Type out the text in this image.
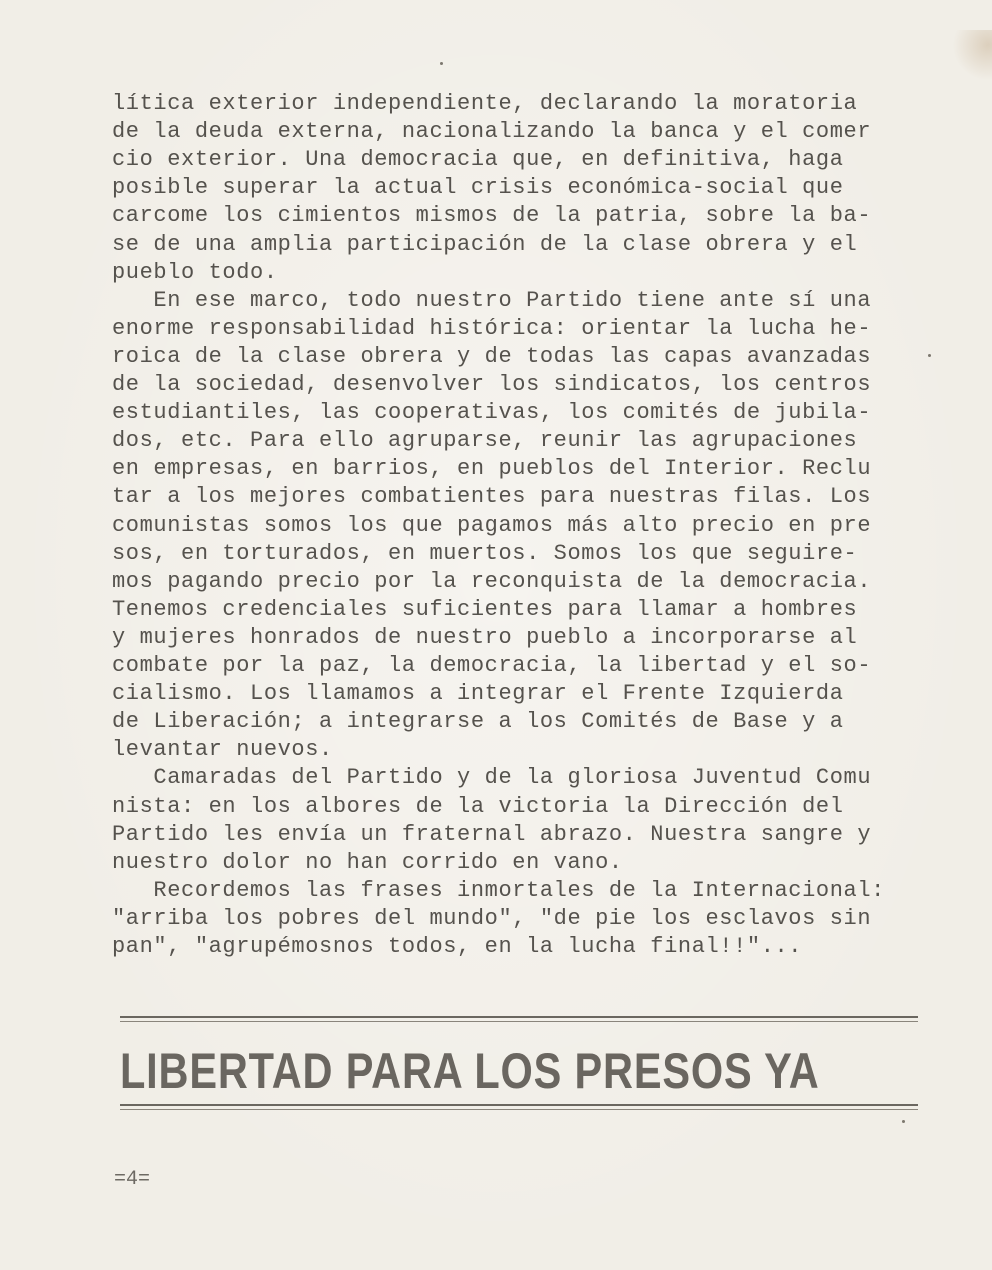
lítica exterior independiente, declarando la moratoria
de la deuda externa, nacionalizando la banca y el comer
cio exterior. Una democracia que, en definitiva, haga
posible superar la actual crisis económica-social que
carcome los cimientos mismos de la patria, sobre la ba-
se de una amplia participación de la clase obrera y el
pueblo todo.
En ese marco, todo nuestro Partido tiene ante sí una
enorme responsabilidad histórica: orientar la lucha he-
roica de la clase obrera y de todas las capas avanzadas
de la sociedad, desenvolver los sindicatos, los centros
estudiantiles, las cooperativas, los comités de jubila-
dos, etc. Para ello agruparse, reunir las agrupaciones
en empresas, en barrios, en pueblos del Interior. Reclu
tar a los mejores combatientes para nuestras filas. Los
comunistas somos los que pagamos más alto precio en pre
sos, en torturados, en muertos. Somos los que seguire-
mos pagando precio por la reconquista de la democracia.
Tenemos credenciales suficientes para llamar a hombres
y mujeres honrados de nuestro pueblo a incorporarse al
combate por la paz, la democracia, la libertad y el so-
cialismo. Los llamamos a integrar el Frente Izquierda
de Liberación; a integrarse a los Comités de Base y a
levantar nuevos.
Camaradas del Partido y de la gloriosa Juventud Comu
nista: en los albores de la victoria la Dirección del
Partido les envía un fraternal abrazo. Nuestra sangre y
nuestro dolor no han corrido en vano.
Recordemos las frases inmortales de la Internacional:
"arriba los pobres del mundo", "de pie los esclavos sin
pan", "agrupémosnos todos, en la lucha final!!"...
LIBERTAD PARA LOS PRESOS YA
=4=
